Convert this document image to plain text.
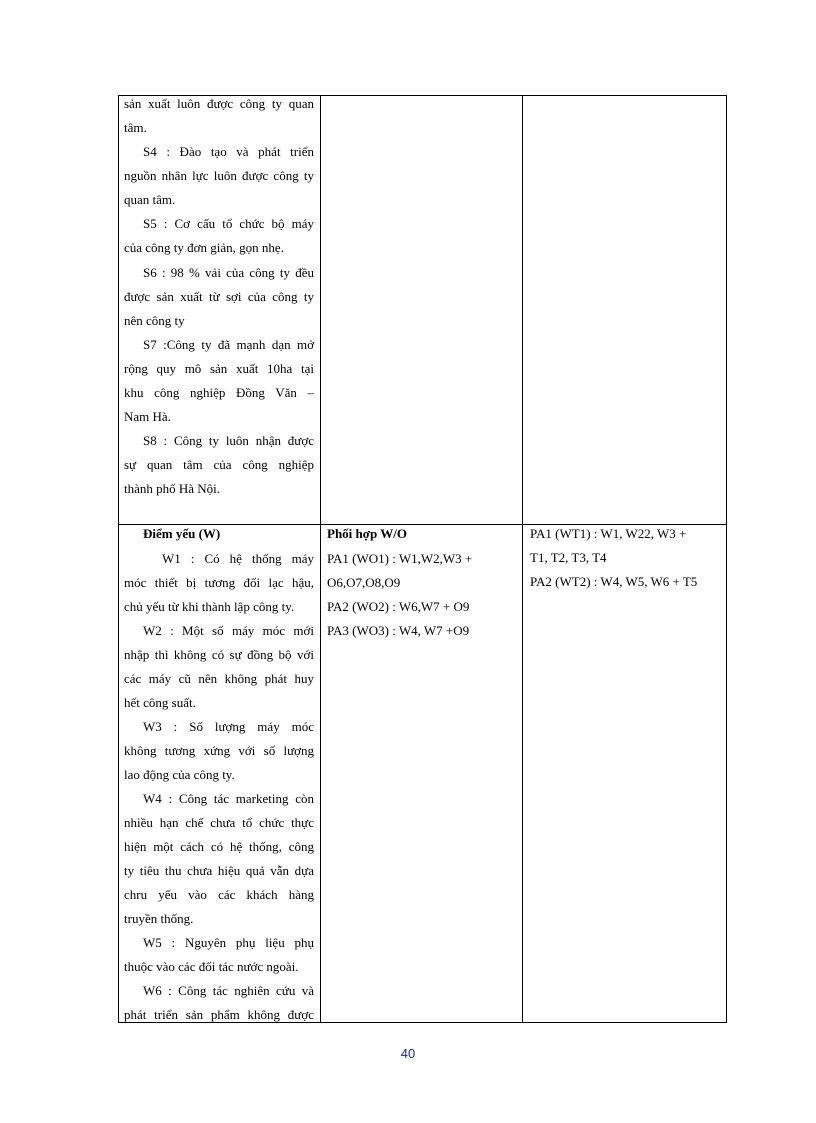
sản xuất luôn được công ty quan
tâm.
S4 : Đào tạo và phát triển
nguồn nhân lực luôn được công ty
quan tâm.
S5 : Cơ cấu tổ chức bộ máy
của công ty đơn giản, gọn nhẹ.
S6 : 98 % vải của công ty đều
được sản xuất từ sợi của công ty
nên công ty
S7 :Công ty đã mạnh dạn mở
rộng quy mô sản xuất 10ha tại
khu công nghiệp Đồng Văn –
Nam Hà.
S8 : Công ty luôn nhận được
sự quan tâm của công nghiệp
thành phố Hà Nội.
Điểm yếu (W)
W1 : Có hệ thống máy
móc thiết bị tương đối lạc hậu,
chủ yếu từ khi thành lập công ty.
W2 : Một số máy móc mới
nhập thì không có sự đồng bộ với
các máy cũ nên không phát huy
hết công suất.
W3 : Số lượng máy móc
không tương xứng với số lượng
lao động của công ty.
W4 : Công tác marketing còn
nhiều hạn chế chưa tổ chức thực
hiện một cách có hệ thống, công
ty tiêu thu chưa hiệu quả vẫn dựa
chru yếu vào các khách hàng
truyền thống.
W5 : Nguyên phụ liệu phụ
thuộc vào các đối tác nước ngoài.
W6 : Công tác nghiên cứu và
phát triển sản phẩm không được
Phối hợp W/O
PA1 (WO1) : W1,W2,W3 +
O6,O7,O8,O9
PA2 (WO2) : W6,W7 + O9
PA3 (WO3) : W4, W7 +O9
PA1 (WT1) : W1, W22, W3 +
T1, T2, T3, T4
PA2 (WT2) : W4, W5, W6 + T5
40
